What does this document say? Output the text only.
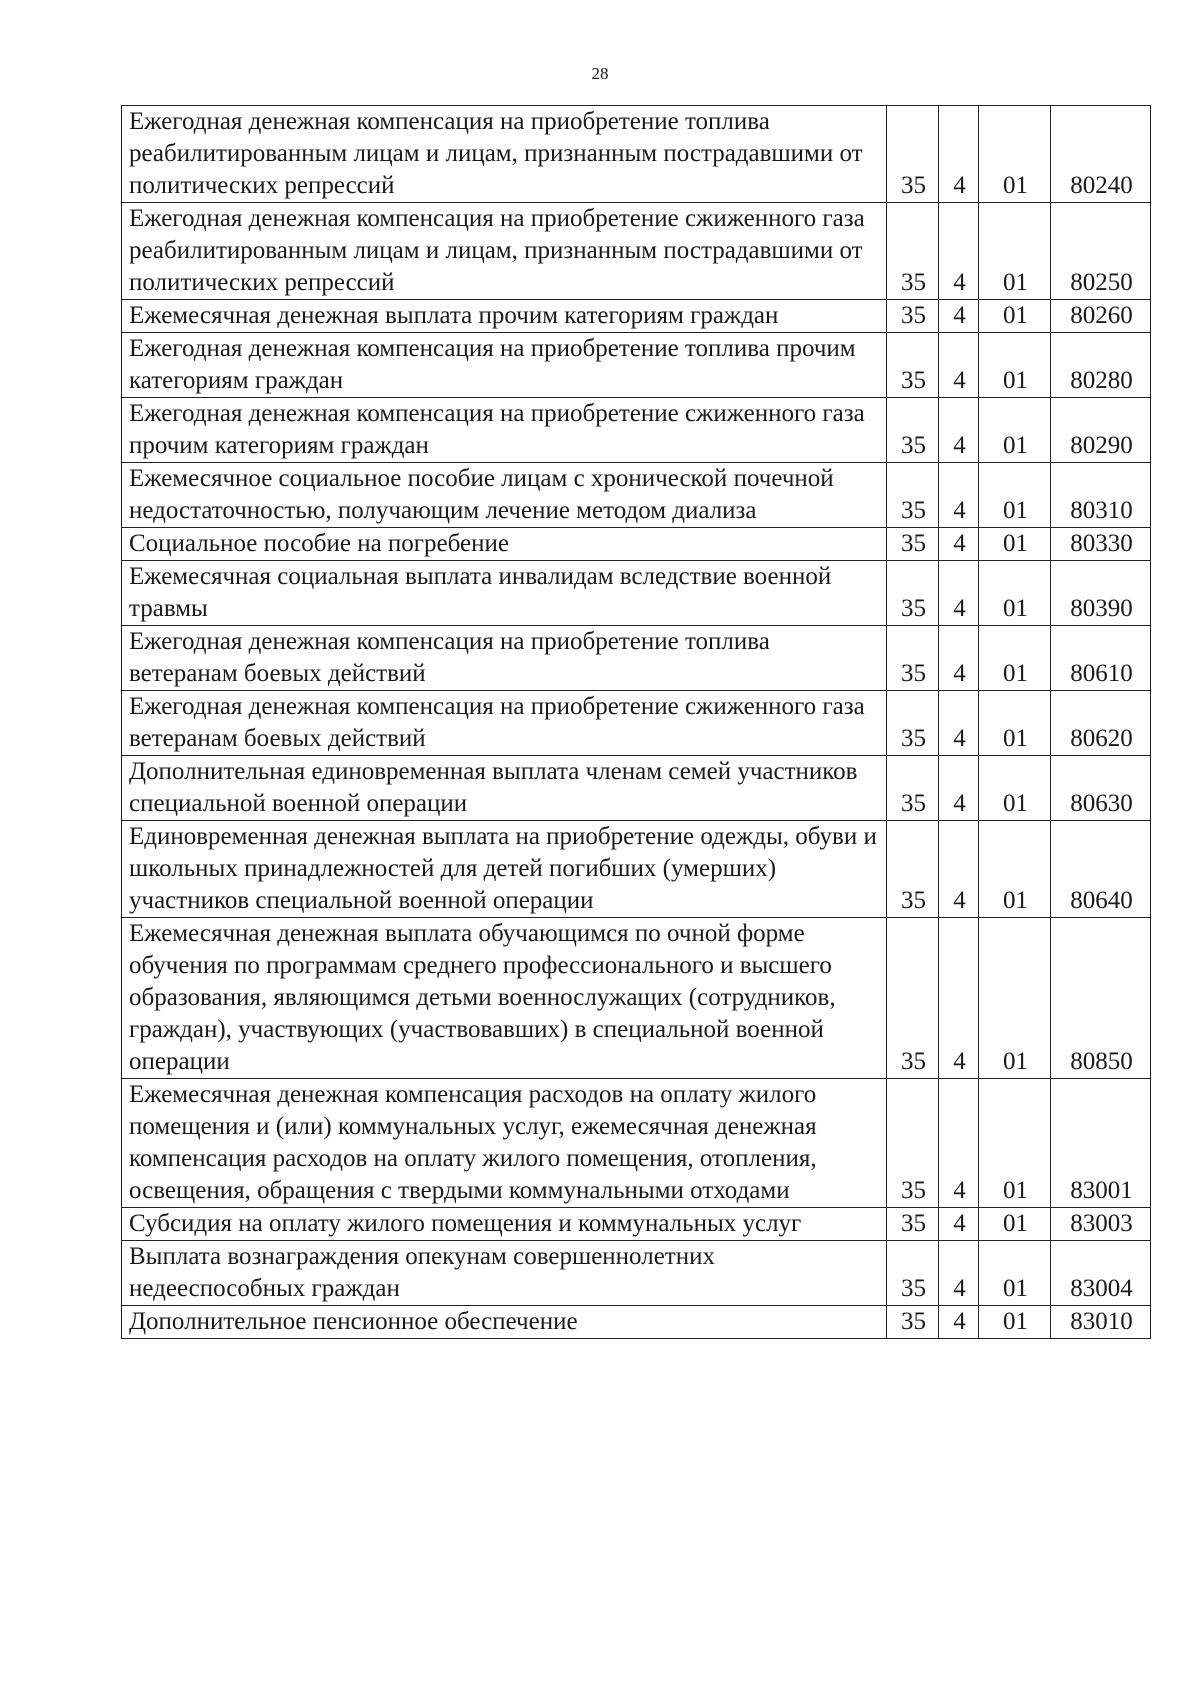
28
Ежегодная денежная компенсация на приобретение топлива реабилитированным лицам и лицам, признанным пострадавшими от политических репрессий	35	4	01	80240
Ежегодная денежная компенсация на приобретение сжиженного газа реабилитированным лицам и лицам, признанным пострадавшими от политических репрессий	35	4	01	80250
Ежемесячная денежная выплата прочим категориям граждан	35	4	01	80260
Ежегодная денежная компенсация на приобретение топлива прочим категориям граждан	35	4	01	80280
Ежегодная денежная компенсация на приобретение сжиженного газа прочим категориям граждан	35	4	01	80290
Ежемесячное социальное пособие лицам с хронической почечной недостаточностью, получающим лечение методом диализа	35	4	01	80310
Социальное пособие на погребение	35	4	01	80330
Ежемесячная социальная выплата инвалидам вследствие военной травмы	35	4	01	80390
Ежегодная денежная компенсация на приобретение топлива ветеранам боевых действий	35	4	01	80610
Ежегодная денежная компенсация на приобретение сжиженного газа ветеранам боевых действий	35	4	01	80620
Дополнительная единовременная выплата членам семей участников специальной военной операции	35	4	01	80630
Единовременная денежная выплата на приобретение одежды, обуви и школьных принадлежностей для детей погибших (умерших) участников специальной военной операции	35	4	01	80640
Ежемесячная денежная выплата обучающимся по очной форме обучения по программам среднего профессионального и высшего образования, являющимся детьми военнослужащих (сотрудников, граждан), участвующих (участвовавших) в специальной военной операции	35	4	01	80850
Ежемесячная денежная компенсация расходов на оплату жилого помещения и (или) коммунальных услуг, ежемесячная денежная компенсация расходов на оплату жилого помещения, отопления, освещения, обращения с твердыми коммунальными отходами	35	4	01	83001
Субсидия на оплату жилого помещения и коммунальных услуг	35	4	01	83003
Выплата вознаграждения опекунам совершеннолетних недееспособных граждан	35	4	01	83004
Дополнительное пенсионное обеспечение	35	4	01	83010
